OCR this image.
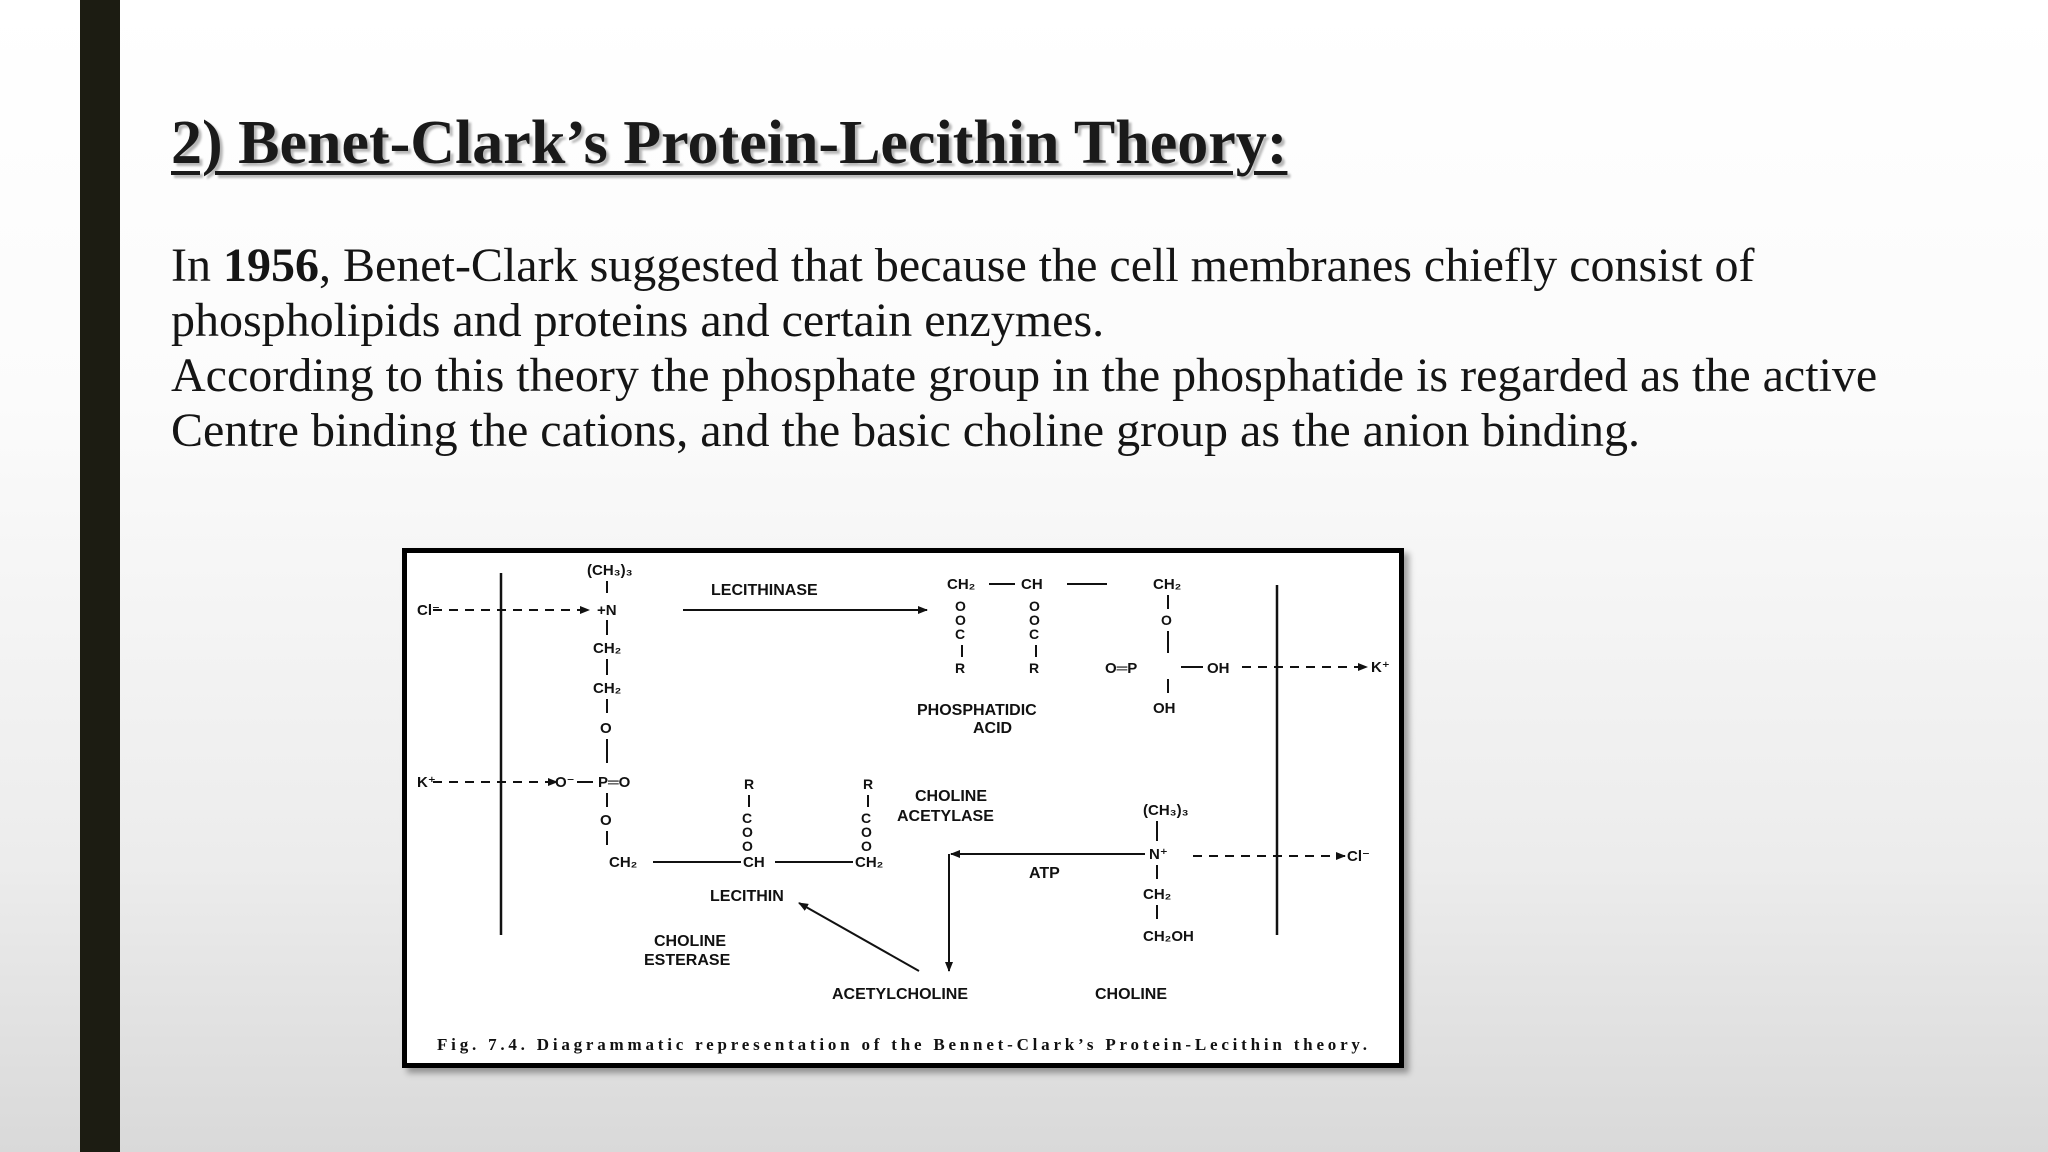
2) Benet-Clark’s Protein-Lecithin Theory:

In 1956, Benet-Clark suggested that because the cell membranes chiefly consist of phospholipids and proteins and certain enzymes.

According to this theory the phosphate group in the phosphatide is regarded as the active Centre binding the cations, and the basic choline group as the anion binding.

Cl⁻
K⁺
K⁺
Cl⁻
(CH₃)₃
+N
CH₂
CH₂
O
O⁻ P═O
O
CH₂	CH	CH₂
R
C
O
O
R
C
O
O
LECITHIN
LECITHINASE	CH₂	CH	CH₂
O
O
O
C
R
O
O
C
R	O═P	OH
OH
PHOSPHATIDIC
ACID
CHOLINE
ACETYLASE	(CH₃)₃
N⁺
CH₂
CH₂OH
ATP
CHOLINE
ESTERASE
ACETYLCHOLINE	CHOLINE
Fig. 7.4. Diagrammatic representation of the Bennet-Clark’s Protein-Lecithin theory.
